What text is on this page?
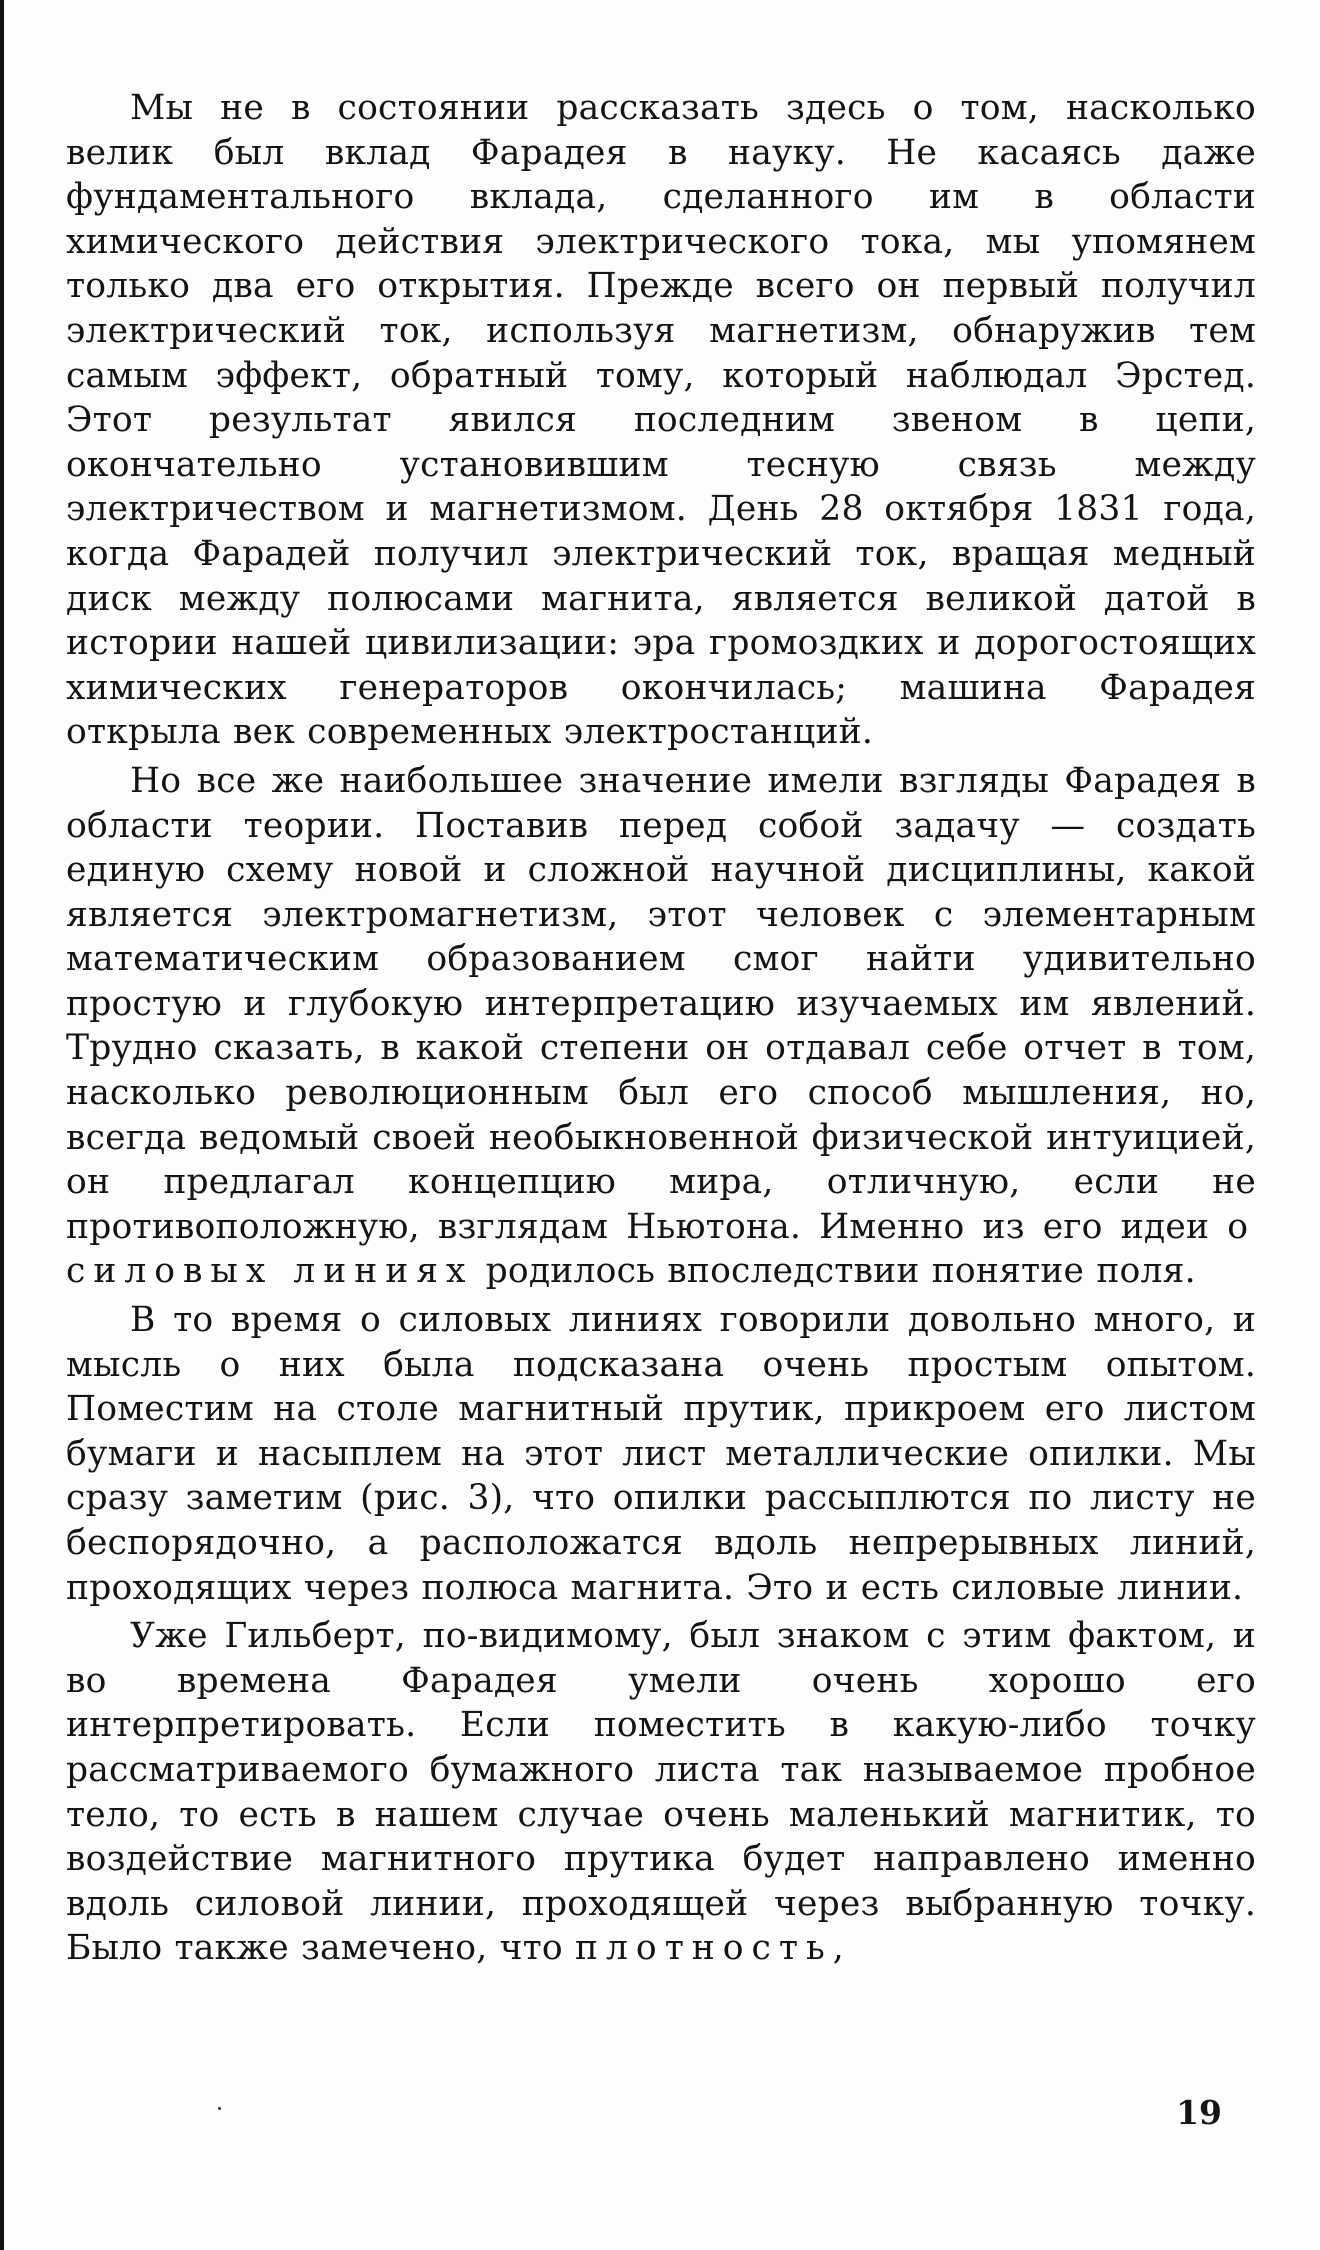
Мы не в состоянии рассказать здесь о том, насколько велик был вклад Фарадея в науку. Не касаясь даже фундаментального вклада, сделанного им в области химического действия электрического тока, мы упомянем только два его открытия. Прежде всего он первый получил электрический ток, используя магнетизм, обнаружив тем самым эффект, обратный тому, который наблюдал Эрстед. Этот результат явился последним звеном в цепи, окончательно установившим тесную связь между электричеством и магнетизмом. День 28 октября 1831 года, когда Фарадей получил электрический ток, вращая медный диск между полюсами магнита, является великой датой в истории нашей цивилизации: эра громоздких и дорогостоящих химических генераторов окончилась; машина Фарадея открыла век современных электростанций.

Но все же наибольшее значение имели взгляды Фарадея в области теории. Поставив перед собой задачу — создать единую схему новой и сложной научной дисциплины, какой является электромагнетизм, этот человек с элементарным математическим образованием смог найти удивительно простую и глубокую интерпретацию изучаемых им явлений. Трудно сказать, в какой степени он отдавал себе отчет в том, насколько революционным был его способ мышления, но, всегда ведомый своей необыкновенной физической интуицией, он предлагал концепцию мира, отличную, если не противоположную, взглядам Ньютона. Именно из его идеи о силовых линиях родилось впоследствии понятие поля.

В то время о силовых линиях говорили довольно много, и мысль о них была подсказана очень простым опытом. Поместим на столе магнитный прутик, прикроем его листом бумаги и насыплем на этот лист металлические опилки. Мы сразу заметим (рис. 3), что опилки рассыплются по листу не беспорядочно, а расположатся вдоль непрерывных линий, проходящих через полюса магнита. Это и есть силовые линии.

Уже Гильберт, по-видимому, был знаком с этим фактом, и во времена Фарадея умели очень хорошо его интерпретировать. Если поместить в какую-либо точку рассматриваемого бумажного листа так называемое пробное тело, то есть в нашем случае очень маленький магнитик, то воздействие магнитного прутика будет направлено именно вдоль силовой линии, проходящей через выбранную точку. Было также замечено, что плотность,

19
